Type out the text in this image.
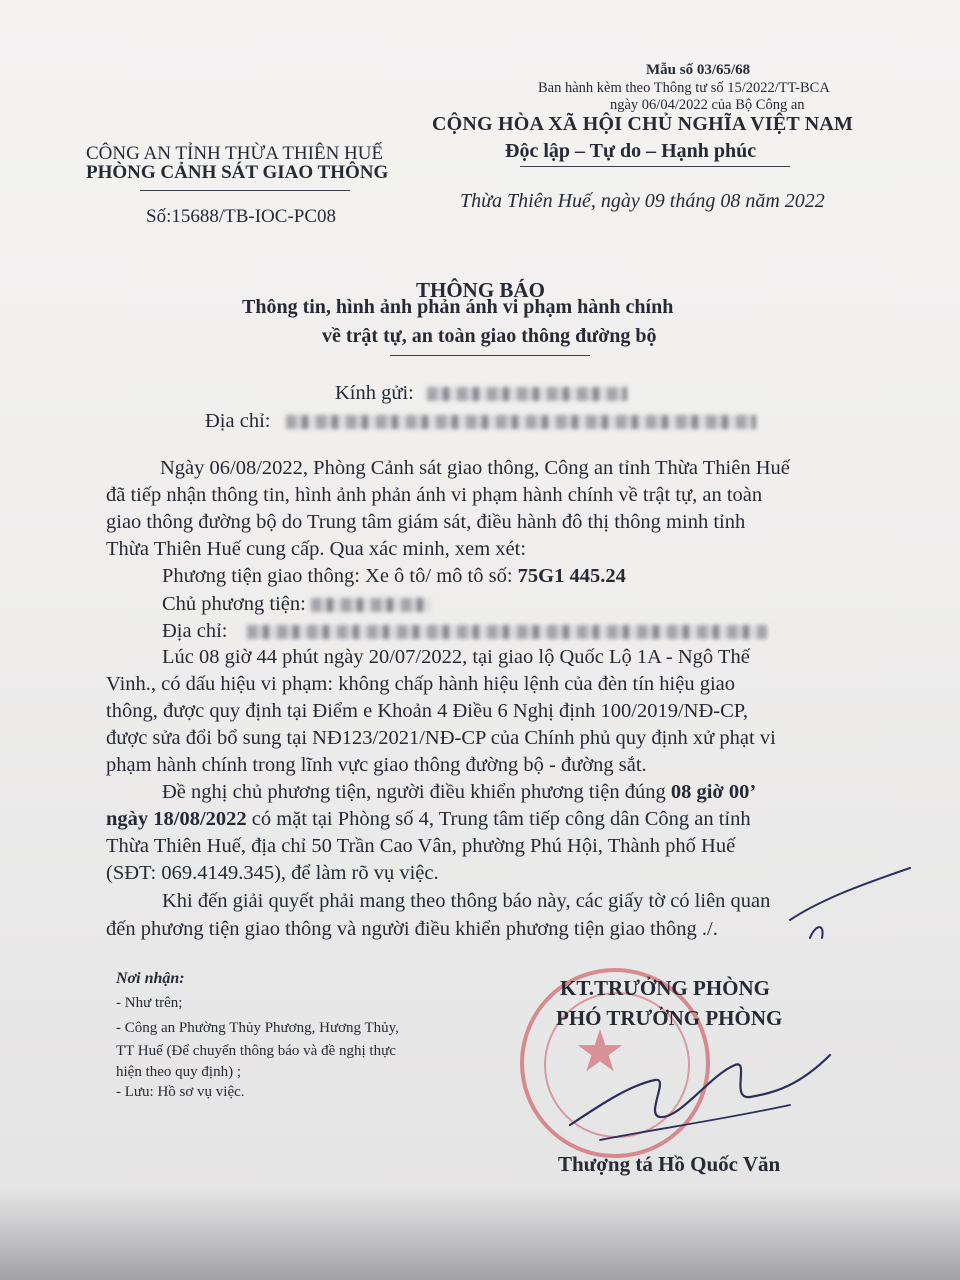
Mẫu số 03/65/68
Ban hành kèm theo Thông tư số 15/2022/TT-BCA
ngày 06/04/2022 của Bộ Công an
CÔNG AN TỈNH THỪA THIÊN HUẾ
PHÒNG CẢNH SÁT GIAO THÔNG
Số:15688/TB-IOC-PC08
CỘNG HÒA XÃ HỘI CHỦ NGHĨA VIỆT NAM
Độc lập – Tự do – Hạnh phúc
Thừa Thiên Huế, ngày 09 tháng 08 năm 2022
THÔNG BÁO
Thông tin, hình ảnh phản ánh vi phạm hành chính
về trật tự, an toàn giao thông đường bộ
Kính gửi:
Địa chỉ:
Ngày 06/08/2022, Phòng Cảnh sát giao thông, Công an tỉnh Thừa Thiên Huế
đã tiếp nhận thông tin, hình ảnh phản ánh vi phạm hành chính về trật tự, an toàn
giao thông đường bộ do Trung tâm giám sát, điều hành đô thị thông minh tỉnh
Thừa Thiên Huế cung cấp. Qua xác minh, xem xét:
Phương tiện giao thông: Xe ô tô/ mô tô số: 75G1 445.24
Chủ phương tiện:
Địa chỉ:
Lúc 08 giờ 44 phút ngày 20/07/2022, tại giao lộ Quốc Lộ 1A - Ngô Thế
Vinh., có dấu hiệu vi phạm: không chấp hành hiệu lệnh của đèn tín hiệu giao
thông, được quy định tại Điểm e Khoản 4 Điều 6 Nghị định 100/2019/NĐ-CP,
được sửa đổi bổ sung tại NĐ123/2021/NĐ-CP của Chính phủ quy định xử phạt vi
phạm hành chính trong lĩnh vực giao thông đường bộ - đường sắt.
Đề nghị chủ phương tiện, người điều khiển phương tiện đúng 08 giờ 00’
ngày 18/08/2022 có mặt tại Phòng số 4, Trung tâm tiếp công dân Công an tỉnh
Thừa Thiên Huế, địa chỉ 50 Trần Cao Vân, phường Phú Hội, Thành phố Huế
(SĐT: 069.4149.345), để làm rõ vụ việc.
Khi đến giải quyết phải mang theo thông báo này, các giấy tờ có liên quan
đến phương tiện giao thông và người điều khiển phương tiện giao thông ./.
Nơi nhận:
- Như trên;
- Công an Phường Thủy Phương, Hương Thủy,
TT Huế (Để chuyển thông báo và đề nghị thực
hiện theo quy định) ;
- Lưu: Hồ sơ vụ việc.
★
KT.TRƯỞNG PHÒNG
PHÓ TRƯỞNG PHÒNG
Thượng tá Hồ Quốc Văn
